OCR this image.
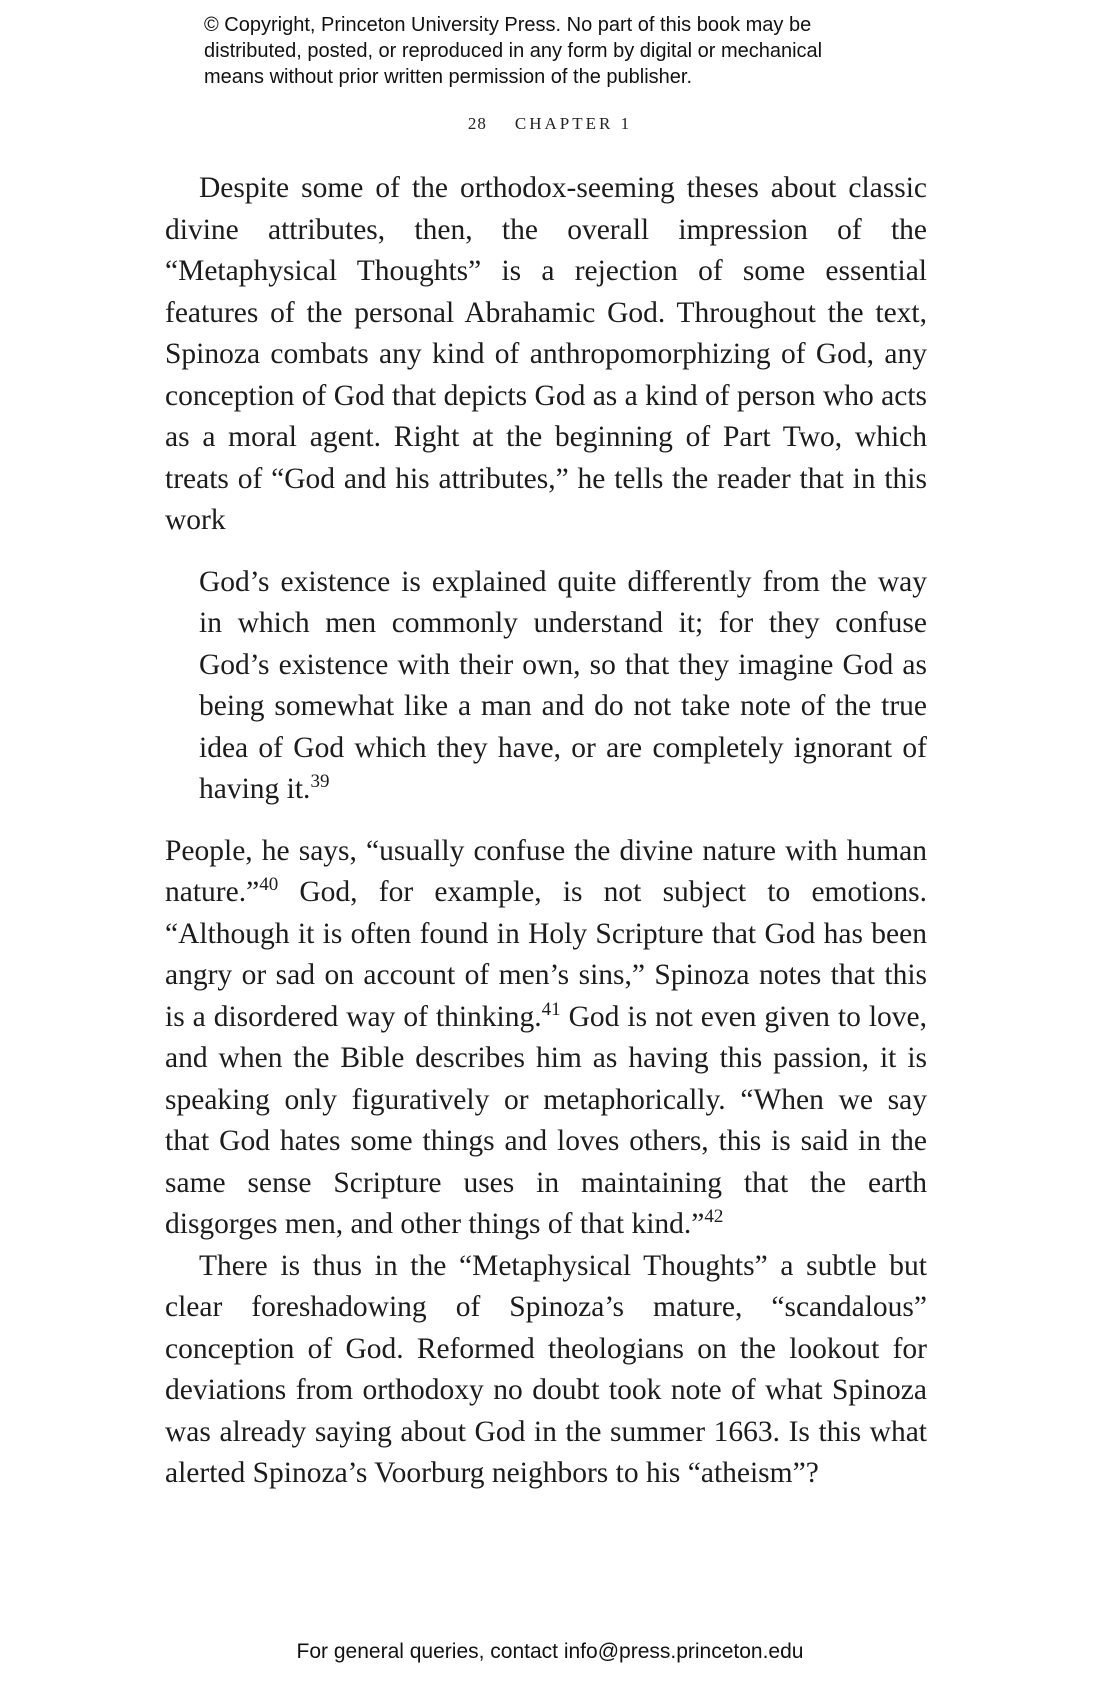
© Copyright, Princeton University Press. No part of this book may be

distributed, posted, or reproduced in any form by digital or mechanical

means without prior written permission of the publisher.

28 CHAPTER 1

Despite some of the orthodox-seeming theses about classic divine attributes, then, the overall impression of the “Metaphysical Thoughts” is a rejection of some essential features of the personal Abrahamic God. Throughout the text, Spinoza combats any kind of anthropomorphizing of God, any conception of God that depicts God as a kind of person who acts as a moral agent. Right at the beginning of Part Two, which treats of “God and his attributes,” he tells the reader that in this work

God’s existence is explained quite differently from the way in which men commonly understand it; for they confuse God’s existence with their own, so that they imagine God as being somewhat like a man and do not take note of the true idea of God which they have, or are completely ignorant of having it.$^{39}$

People, he says, “usually confuse the divine nature with human nature.”$^{40}$ God, for example, is not subject to emotions. “Although it is often found in Holy Scripture that God has been angry or sad on account of men’s sins,” Spinoza notes that this is a disordered way of thinking.$^{41}$ God is not even given to love, and when the Bible describes him as having this passion, it is speaking only figuratively or metaphorically. “When we say that God hates some things and loves others, this is said in the same sense Scripture uses in maintaining that the earth disgorges men, and other things of that kind.”$^{42}$

There is thus in the “Metaphysical Thoughts” a subtle but clear foreshadowing of Spinoza’s mature, “scandalous” conception of God. Reformed theologians on the lookout for deviations from orthodoxy no doubt took note of what Spinoza was already saying about God in the summer 1663. Is this what alerted Spinoza’s Voorburg neighbors to his “atheism”?

For general queries, contact info@press.princeton.edu
